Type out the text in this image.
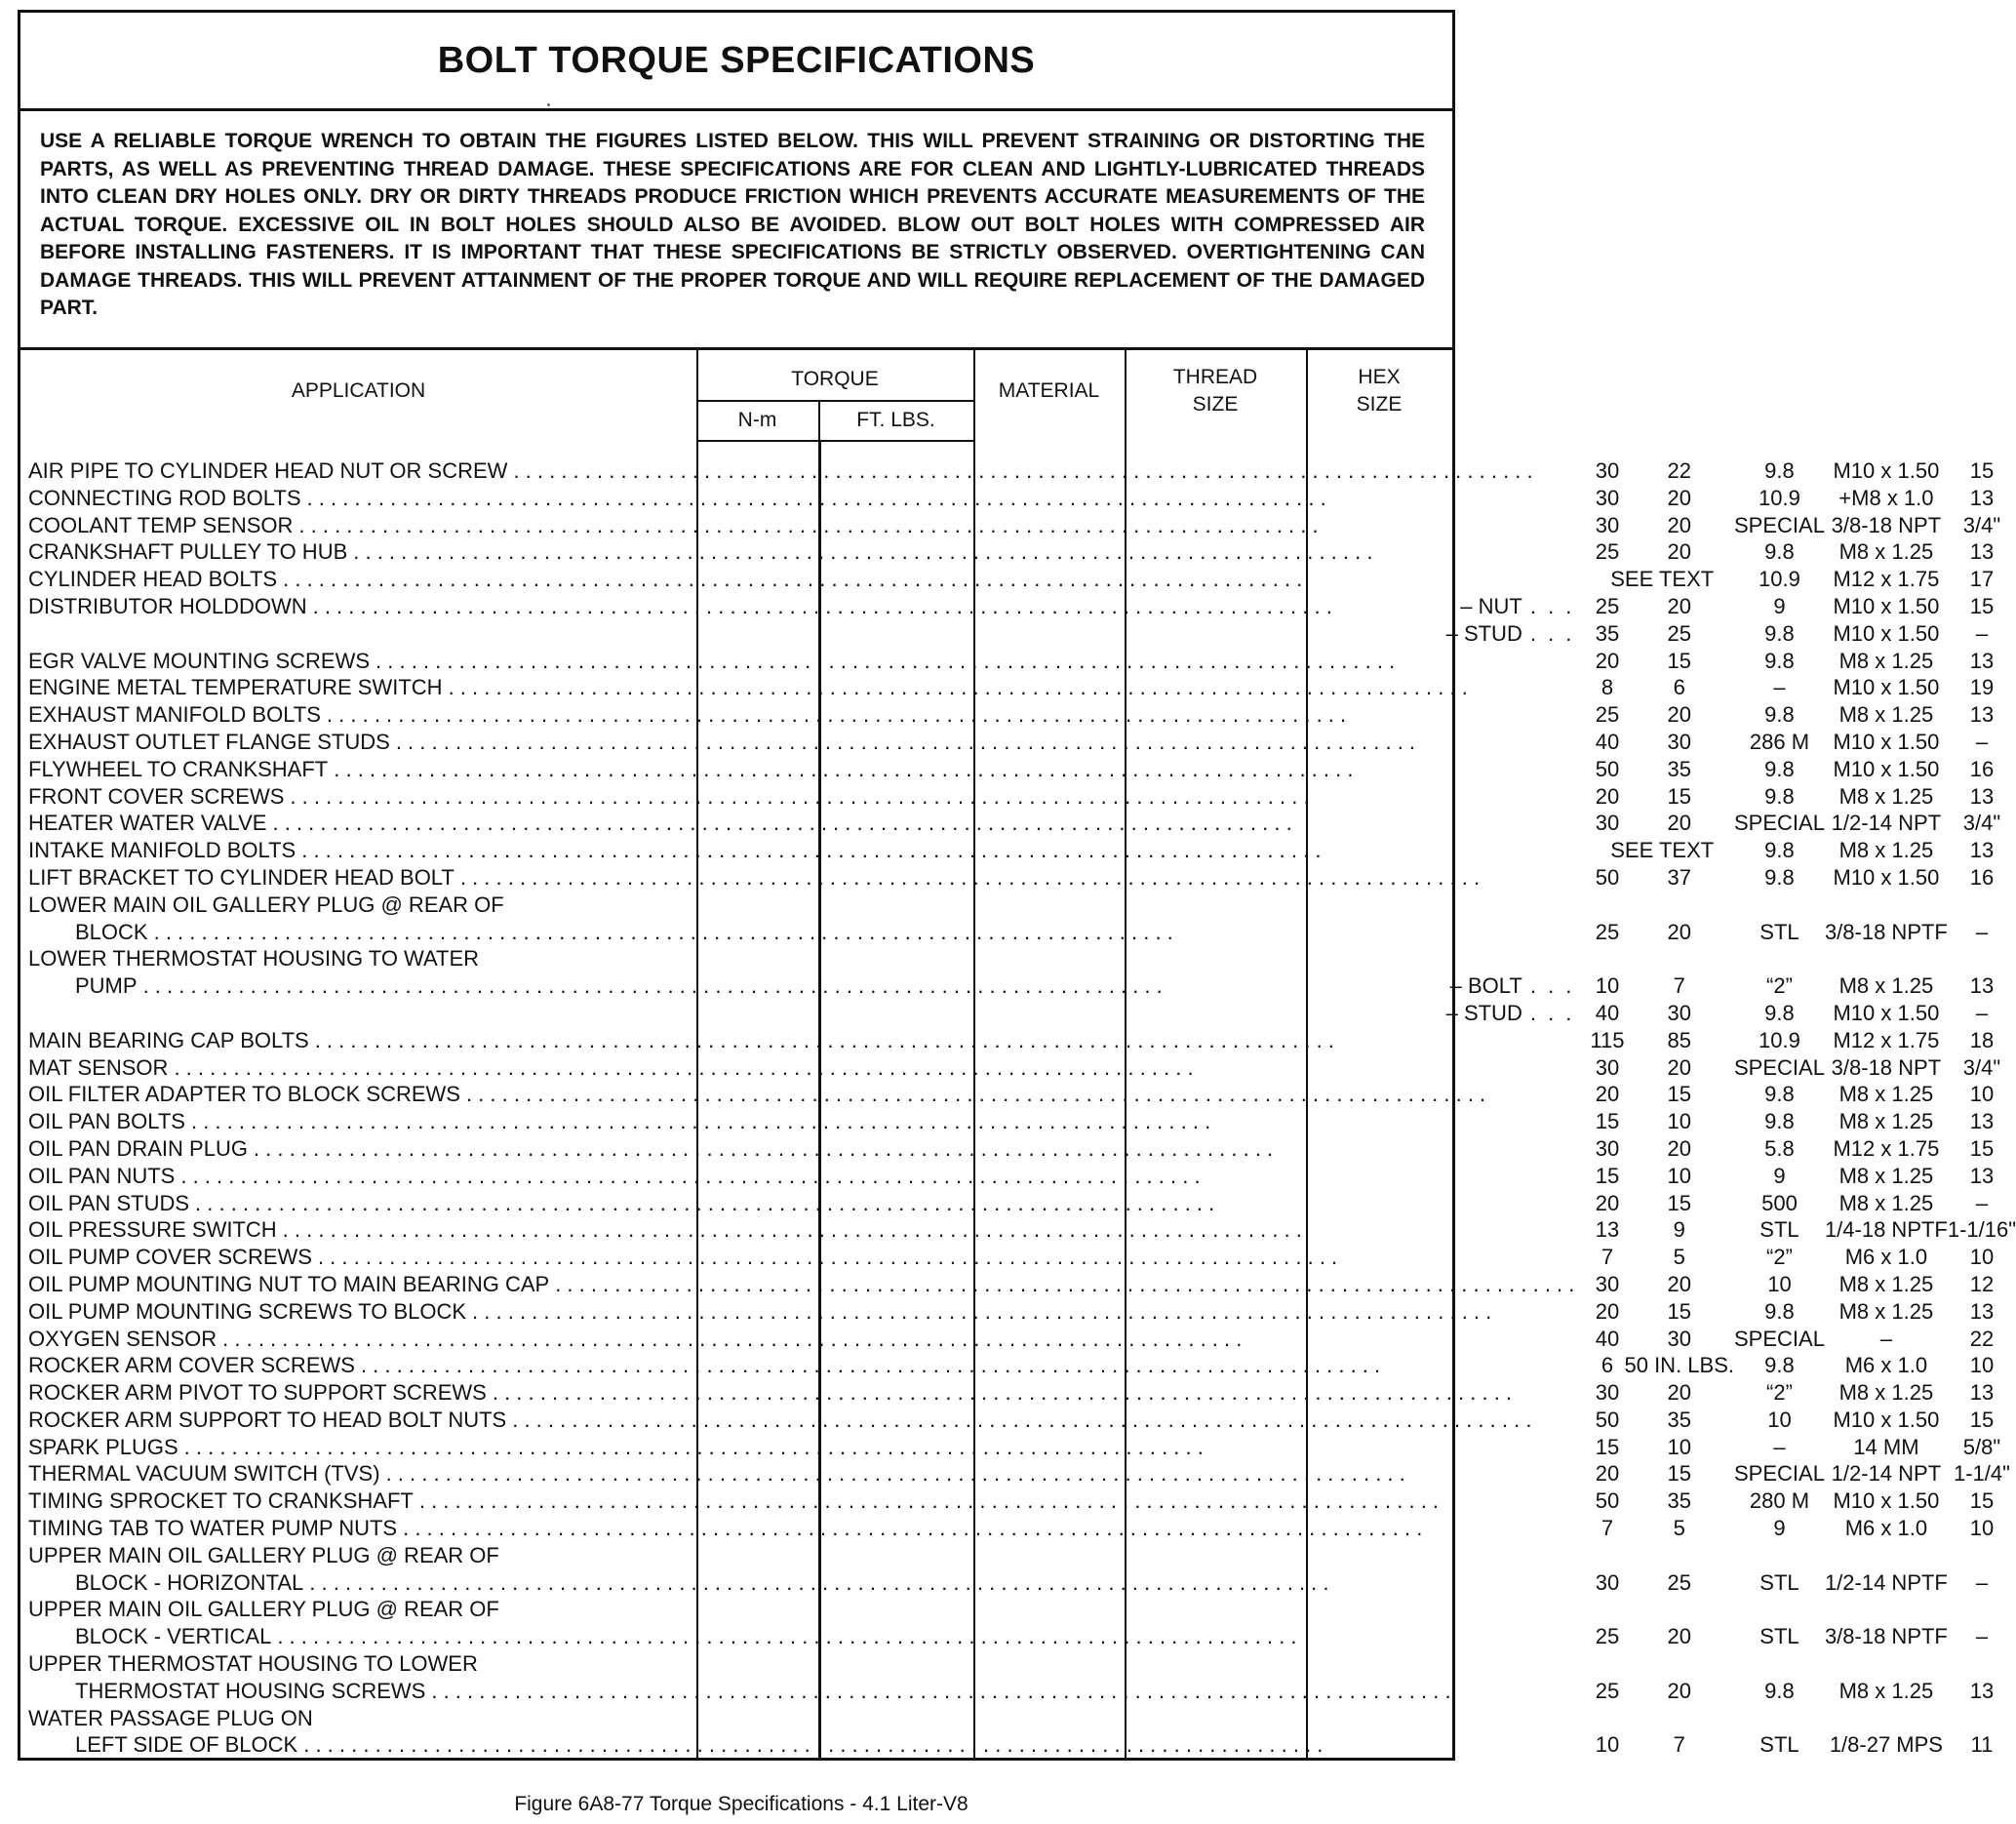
BOLT TORQUE SPECIFICATIONS
USE A RELIABLE TORQUE WRENCH TO OBTAIN THE FIGURES LISTED BELOW. THIS WILL PREVENT STRAINING OR DISTORTING THE PARTS, AS WELL AS PREVENTING THREAD DAMAGE. THESE SPECIFICATIONS ARE FOR CLEAN AND LIGHTLY-LUBRICATED THREADS INTO CLEAN DRY HOLES ONLY. DRY OR DIRTY THREADS PRODUCE FRICTION WHICH PREVENTS ACCURATE MEASUREMENTS OF THE ACTUAL TORQUE. EXCESSIVE OIL IN BOLT HOLES SHOULD ALSO BE AVOIDED. BLOW OUT BOLT HOLES WITH COMPRESSED AIR BEFORE INSTALLING FASTENERS. IT IS IMPORTANT THAT THESE SPECIFICATIONS BE STRICTLY OBSERVED. OVERTIGHTENING CAN DAMAGE THREADS. THIS WILL PREVENT ATTAINMENT OF THE PROPER TORQUE AND WILL REQUIRE REPLACEMENT OF THE DAMAGED PART.
APPLICATION
TORQUE
N-m	FT. LBS.
MATERIAL
THREAD
SIZE
HEX
SIZE
AIR PIPE TO CYLINDER HEAD NUT OR SCREW
. . .	30	22	9.8	M10 x 1.50	15

CONNECTING ROD BOLTS
. . .	30	20	10.9	+M8 x 1.0	13

COOLANT TEMP SENSOR
. . .	30	20	SPECIAL	3/8-18 NPT	3/4"

CRANKSHAFT PULLEY TO HUB
. . .	25	20	9.8	M8 x 1.25	13

CYLINDER HEAD BOLTS
. . .	SEE TEXT		10.9	M12 x 1.75	17

DISTRIBUTOR HOLDDOWN . . . – NUT . . .	25	20	9	M10 x 1.50	15

– STUD . . .	35	25	9.8	M10 x 1.50	–

EGR VALVE MOUNTING SCREWS
. . .	20	15	9.8	M8 x 1.25	13

ENGINE METAL TEMPERATURE SWITCH
. . .	8	6	–	M10 x 1.50	19

EXHAUST MANIFOLD BOLTS
. . .	25	20	9.8	M8 x 1.25	13

EXHAUST OUTLET FLANGE STUDS
. . .	40	30	286 M	M10 x 1.50	–

FLYWHEEL TO CRANKSHAFT
. . .	50	35	9.8	M10 x 1.50	16

FRONT COVER SCREWS
. . .	20	15	9.8	M8 x 1.25	13

HEATER WATER VALVE
. . .	30	20	SPECIAL	1/2-14 NPT	3/4"

INTAKE MANIFOLD BOLTS
. . .	SEE TEXT		9.8	M8 x 1.25	13

LIFT BRACKET TO CYLINDER HEAD BOLT
. . .	50	37	9.8	M10 x 1.50	16

LOWER MAIN OIL GALLERY PLUG @ REAR OF					

BLOCK
. . .	25	20	STL	3/8-18 NPTF	–

LOWER THERMOSTAT HOUSING TO WATER					

PUMP . . . – BOLT . . .	10	7	“2”	M8 x 1.25	13

– STUD . . .	40	30	9.8	M10 x 1.50	–

MAIN BEARING CAP BOLTS
. . .	115	85	10.9	M12 x 1.75	18

MAT SENSOR
. . .	30	20	SPECIAL	3/8-18 NPT	3/4"

OIL FILTER ADAPTER TO BLOCK SCREWS
. . .	20	15	9.8	M8 x 1.25	10

OIL PAN BOLTS
. . .	15	10	9.8	M8 x 1.25	13

OIL PAN DRAIN PLUG
. . .	30	20	5.8	M12 x 1.75	15

OIL PAN NUTS
. . .	15	10	9	M8 x 1.25	13

OIL PAN STUDS
. . .	20	15	500	M8 x 1.25	–

OIL PRESSURE SWITCH
. . .	13	9	STL	1/4-18 NPTF	1-1/16"

OIL PUMP COVER SCREWS
. . .	7	5	“2”	M6 x 1.0	10

OIL PUMP MOUNTING NUT TO MAIN BEARING CAP
. . .	30	20	10	M8 x 1.25	12

OIL PUMP MOUNTING SCREWS TO BLOCK
. . .	20	15	9.8	M8 x 1.25	13

OXYGEN SENSOR
. . .	40	30	SPECIAL	–	22

ROCKER ARM COVER SCREWS
. . .	6	50 IN. LBS.	9.8	M6 x 1.0	10

ROCKER ARM PIVOT TO SUPPORT SCREWS
. . .	30	20	“2”	M8 x 1.25	13

ROCKER ARM SUPPORT TO HEAD BOLT NUTS
. . .	50	35	10	M10 x 1.50	15

SPARK PLUGS
. . .	15	10	–	14 MM	5/8"

THERMAL VACUUM SWITCH (TVS)
. . .	20	15	SPECIAL	1/2-14 NPT	1-1/4"

TIMING SPROCKET TO CRANKSHAFT
. . .	50	35	280 M	M10 x 1.50	15

TIMING TAB TO WATER PUMP NUTS
. . .	7	5	9	M6 x 1.0	10

UPPER MAIN OIL GALLERY PLUG @ REAR OF					

BLOCK - HORIZONTAL
. . .	30	25	STL	1/2-14 NPTF	–

UPPER MAIN OIL GALLERY PLUG @ REAR OF					

BLOCK - VERTICAL
. . .	25	20	STL	3/8-18 NPTF	–

UPPER THERMOSTAT HOUSING TO LOWER					

THERMOSTAT HOUSING SCREWS
. . .	25	20	9.8	M8 x 1.25	13

WATER PASSAGE PLUG ON					

LEFT SIDE OF BLOCK
. . .	10	7	STL	1/8-27 MPS	11
Figure 6A8-77 Torque Specifications - 4.1 Liter-V8
